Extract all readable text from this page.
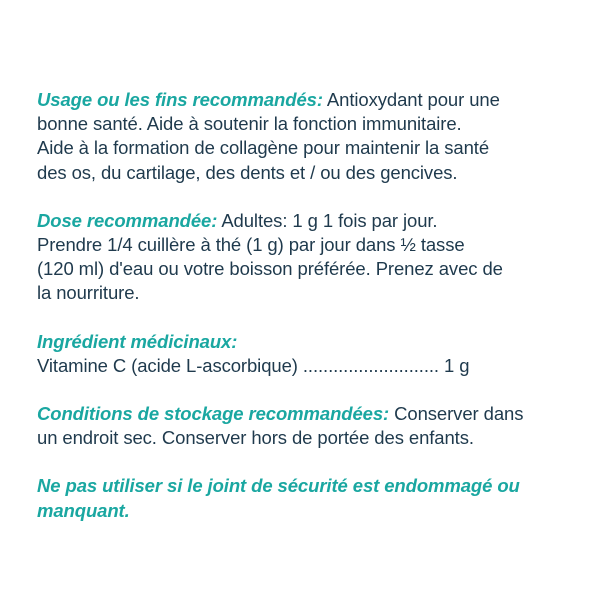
Usage ou les fins recommandés: Antioxydant pour une
bonne santé. Aide à soutenir la fonction immunitaire.
Aide à la formation de collagène pour maintenir la santé
des os, du cartilage, des dents et / ou des gencives.
Dose recommandée: Adultes: 1 g 1 fois par jour.
Prendre 1/4 cuillère à thé (1 g) par jour dans ½ tasse
(120 ml) d'eau ou votre boisson préférée. Prenez avec de
la nourriture.
Ingrédient médicinaux:
Vitamine C (acide L-ascorbique) ........................... 1 g
Conditions de stockage recommandées: Conserver dans
un endroit sec. Conserver hors de portée des enfants.
Ne pas utiliser si le joint de sécurité est endommagé ou
manquant.
